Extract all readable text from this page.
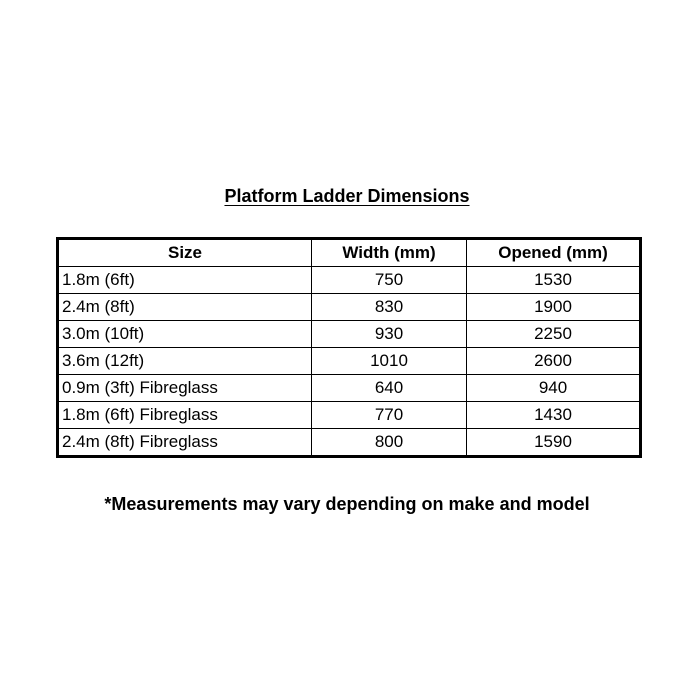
Platform Ladder Dimensions
Size	Width (mm)	Opened (mm)
1.8m (6ft)	750	1530
2.4m (8ft)	830	1900
3.0m (10ft)	930	2250
3.6m (12ft)	1010	2600
0.9m (3ft) Fibreglass	640	940
1.8m (6ft) Fibreglass	770	1430
2.4m (8ft) Fibreglass	800	1590
*Measurements may vary depending on make and model
